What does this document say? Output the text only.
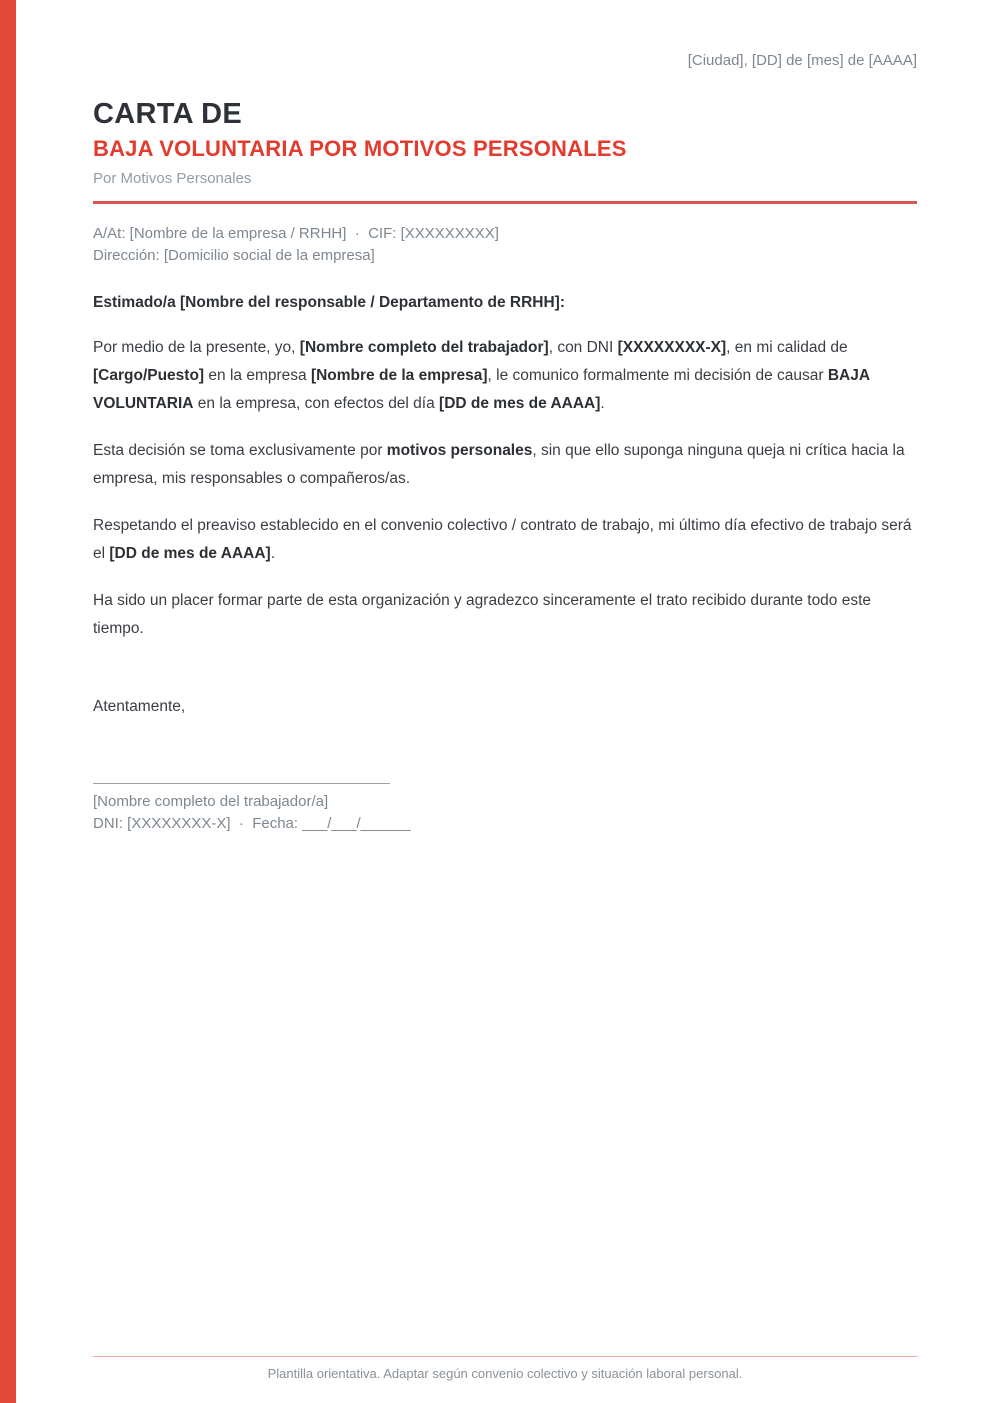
[Ciudad], [DD] de [mes] de [AAAA]
CARTA DE
BAJA VOLUNTARIA POR MOTIVOS PERSONALES
Por Motivos Personales
A/At: [Nombre de la empresa / RRHH]  ·  CIF: [XXXXXXXXX]
Dirección: [Domicilio social de la empresa]

Estimado/a [Nombre del responsable / Departamento de RRHH]:

Por medio de la presente, yo, [Nombre completo del trabajador], con DNI [XXXXXXXX-X], en mi calidad de [Cargo/Puesto] en la empresa [Nombre de la empresa], le comunico formalmente mi decisión de causar BAJA VOLUNTARIA en la empresa, con efectos del día [DD de mes de AAAA].

Esta decisión se toma exclusivamente por motivos personales, sin que ello suponga ninguna queja ni crítica hacia la empresa, mis responsables o compañeros/as.

Respetando el preaviso establecido en el convenio colectivo / contrato de trabajo, mi último día efectivo de trabajo será el [DD de mes de AAAA].

Ha sido un placer formar parte de esta organización y agradezco sinceramente el trato recibido durante todo este tiempo.

Atentamente,

[Nombre completo del trabajador/a]
DNI: [XXXXXXXX-X]  ·  Fecha: ___/___/______
Plantilla orientativa. Adaptar según convenio colectivo y situación laboral personal.
